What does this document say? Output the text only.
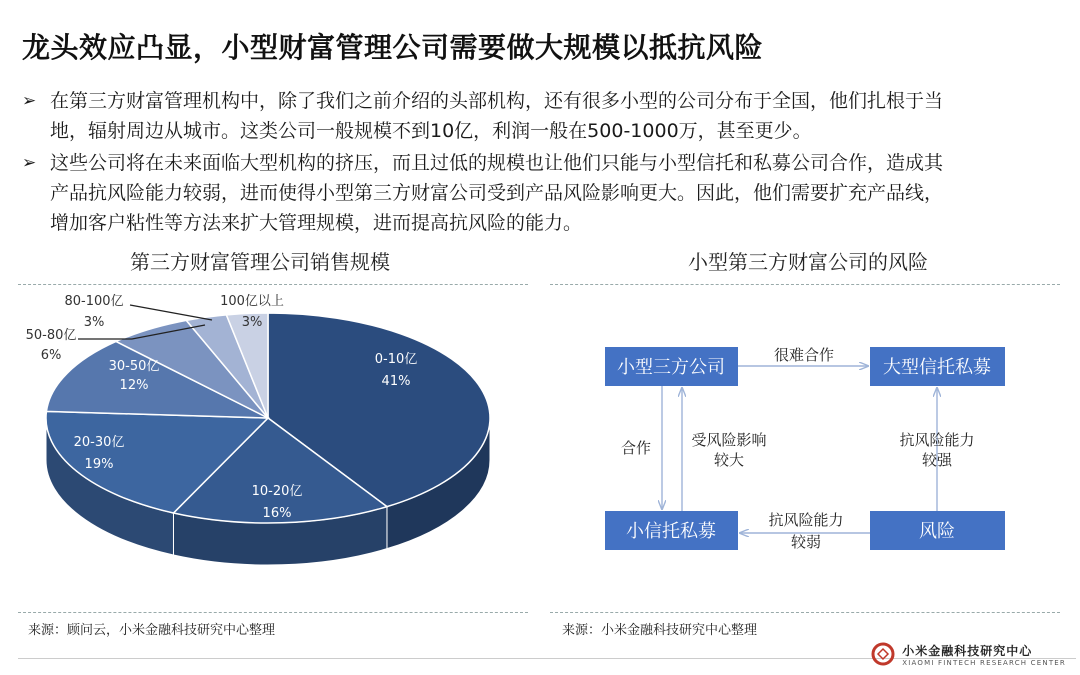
龙头效应凸显，小型财富管理公司需要做大规模以抵抗风险
➢ 在第三方财富管理机构中，除了我们之前介绍的头部机构，还有很多小型的公司分布于全国，他们扎根于当
地，辐射周边从城市。这类公司一般规模不到10亿，利润一般在500-1000万，甚至更少。
➢ 这些公司将在未来面临大型机构的挤压，而且过低的规模也让他们只能与小型信托和私募公司合作，造成其
产品抗风险能力较弱，进而使得小型第三方财富公司受到产品风险影响更大。因此，他们需要扩充产品线，
增加客户粘性等方法来扩大管理规模，进而提高抗风险的能力。
第三方财富管理公司销售规模	小型第三方财富公司的风险
0-10亿
41%
10-20亿
16%
20-30亿
19%
30-50亿
12%
50-80亿
6%
80-100亿
3%
100亿以上
3%
小型三方公司	大型信托私募
小信托私募	风险
很难合作
合作	受风险影响
较大
抗风险能力
较强
抗风险能力
较弱
来源：顾问云，小米金融科技研究中心整理	来源：小米金融科技研究中心整理
小米金融科技研究中心
XIAOMI FINTECH RESEARCH CENTER
